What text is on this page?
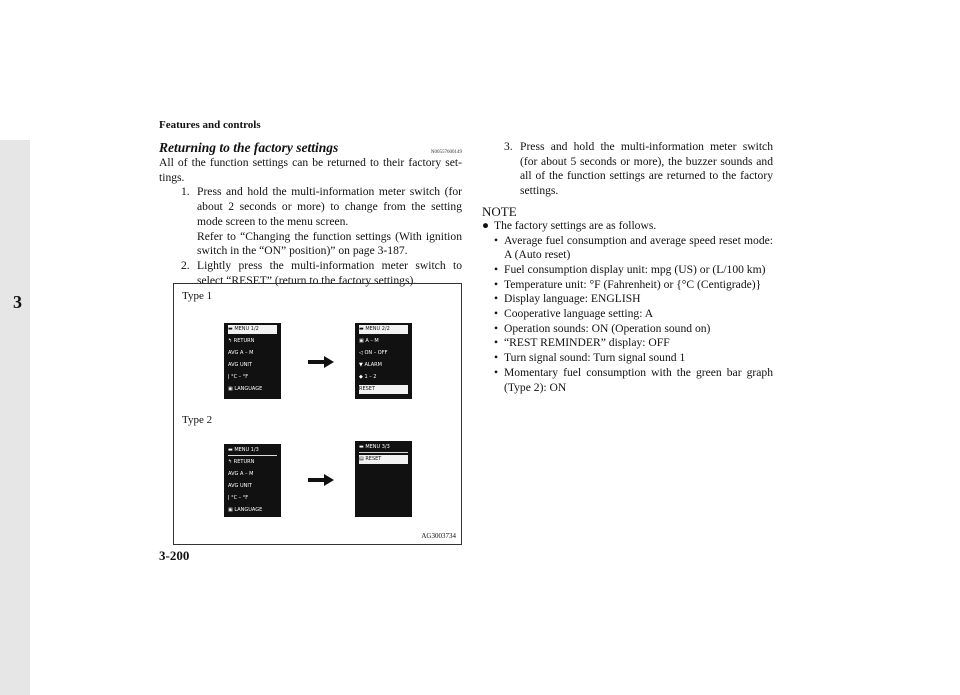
3
Features and controls
Returning to the factory settings	N00557600149

All of the function settings can be returned to their factory set- tings.

1. Press and hold the multi-information meter switch (for about 2 seconds or more) to change from the setting mode screen to the menu screen.
Refer to “Changing the function settings (With ignition switch in the “ON” position)” on page 3-187.
2. Lightly press the multi-information meter switch to select “RESET” (return to the factory settings).
Type 1
Type 2
▬ MENU 1/2
↰ RETURN
AVG A – M
AVG UNIT
ǀ °C – °F
▣ LANGUAGE
▬ MENU 2/2
▣ A – M
◁ ON – OFF
▼ ALARM
◆ 1 – 2
RESET
▬ MENU 1/3
↰ RETURN
AVG A – M
AVG UNIT
ǀ °C – °F
▣ LANGUAGE
▬ MENU 3/3
▤ RESET
AG3003734
3. Press and hold the multi-information meter switch (for about 5 seconds or more), the buzzer sounds and all of the function settings are returned to the factory settings.
NOTE
● The factory settings are as follows.
• Average fuel consumption and average speed reset mode: A (Auto reset)
• Fuel consumption display unit: mpg (US) or (L/100 km)
• Temperature unit: °F (Fahrenheit) or {°C (Centigrade)}
• Display language: ENGLISH
• Cooperative language setting: A
• Operation sounds: ON (Operation sound on)
• “REST REMINDER” display: OFF
• Turn signal sound: Turn signal sound 1
• Momentary fuel consumption with the green bar graph (Type 2): ON
3-200
